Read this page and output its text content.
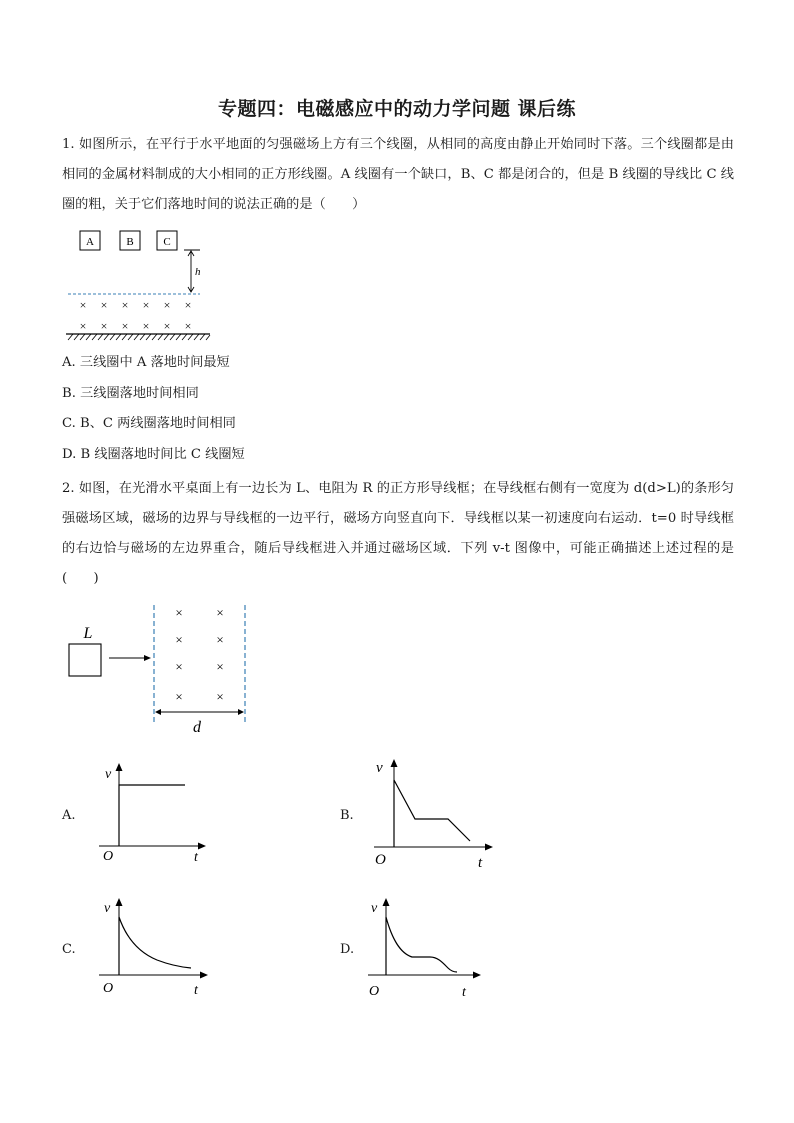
专题四：电磁感应中的动力学问题 课后练

1. 如图所示，在平行于水平地面的匀强磁场上方有三个线圈，从相同的高度由静止开始同时下落。三个线圈都是由相同的金属材料制成的大小相同的正方形线圈。A 线圈有一个缺口，B、C 都是闭合的，但是 B 线圈的导线比 C 线圈的粗，关于它们落地时间的说法正确的是（　　）

A	B	C
h
× × × × × ×
× × × × × ×
A. 三线圈中 A 落地时间最短
B. 三线圈落地时间相同
C. B、C 两线圈落地时间相同
D. B 线圈落地时间比 C 线圈短

2. 如图，在光滑水平桌面上有一边长为 L、电阻为 R 的正方形导线框；在导线框右侧有一宽度为 d(d>L)的条形匀强磁场区域，磁场的边界与导线框的一边平行，磁场方向竖直向下．导线框以某一初速度向右运动．t=0 时导线框的右边恰与磁场的左边界重合，随后导线框进入并通过磁场区域．下列 v-t 图像中，可能正确描述上述过程的是(　　)

L
×	×
×	×
×	×
×	×
d
A.
v
O	t
B.
v
O	t
C.
v
O	t
D.
v
O	t
